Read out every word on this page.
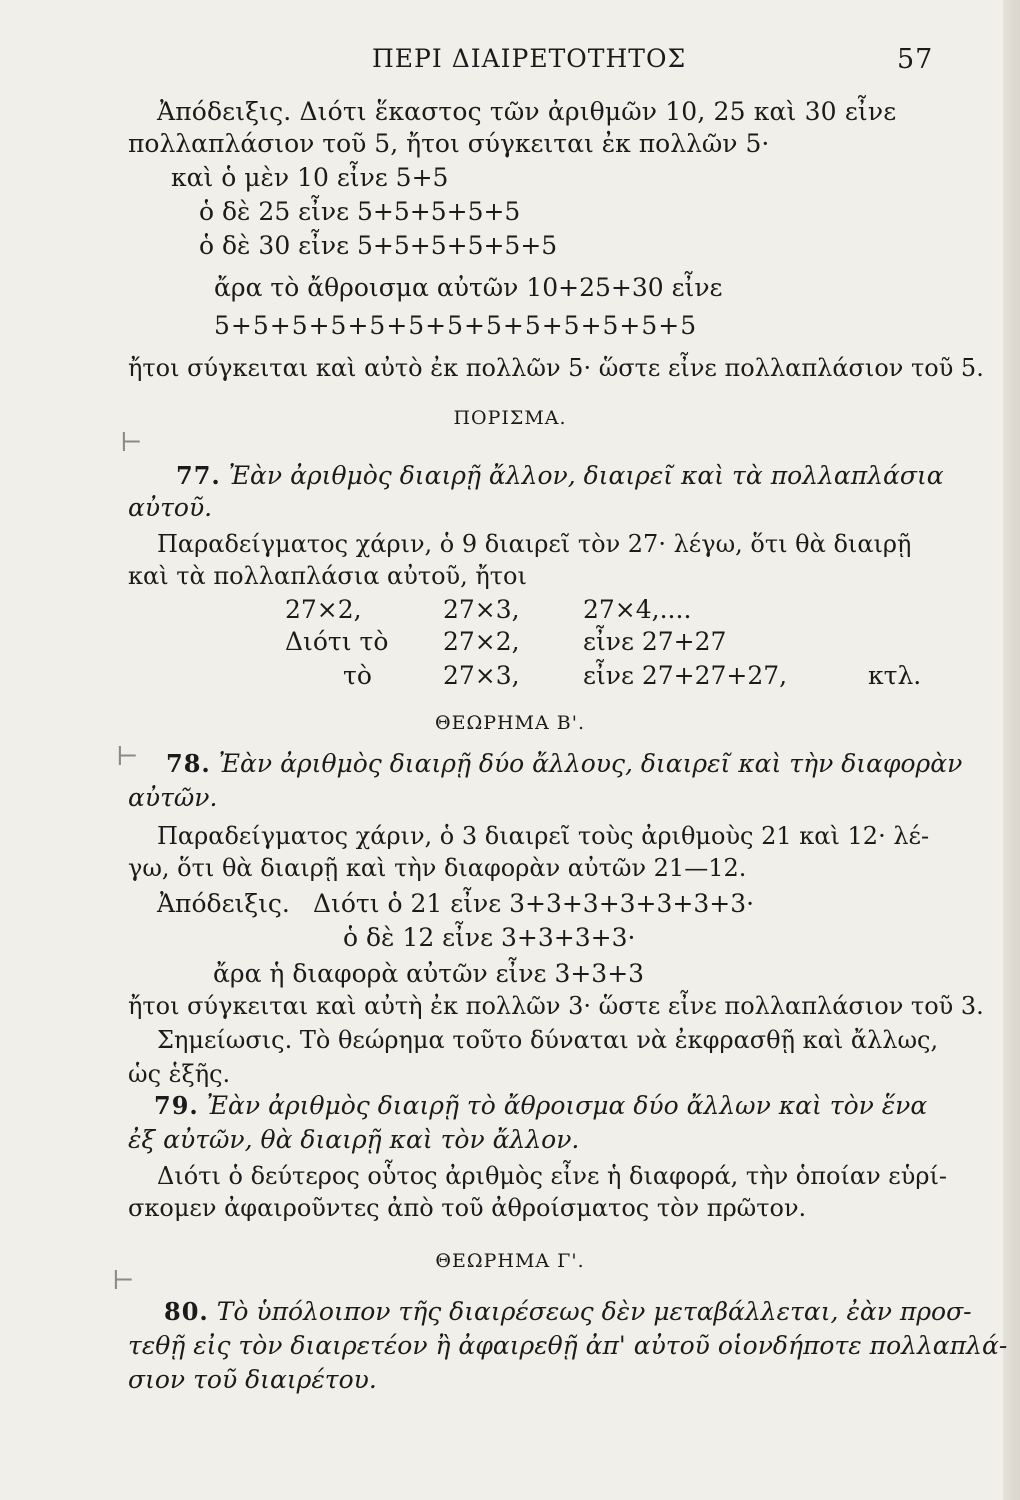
ΠΕΡΙ ΔΙΑΙΡΕΤΟΤΗΤΟΣ	57
Ἀπόδειξις. Διότι ἕκαστος τῶν ἀριθμῶν 10, 25 καὶ 30 εἶνε
πολλαπλάσιον τοῦ 5, ἤτοι σύγκειται ἐκ πολλῶν 5·
καὶ ὁ μὲν 10 εἶνε 5+5
ὁ δὲ 25 εἶνε 5+5+5+5+5
ὁ δὲ 30 εἶνε 5+5+5+5+5+5
ἄρα τὸ ἄθροισμα αὐτῶν 10+25+30 εἶνε
5+5+5+5+5+5+5+5+5+5+5+5+5
ἤτοι σύγκειται καὶ αὐτὸ ἐκ πολλῶν 5· ὥστε εἶνε πολλαπλάσιον τοῦ 5.
ΠΟΡΙΣΜΑ.
⊢
77. Ἐὰν ἀριθμὸς διαιρῇ ἄλλον, διαιρεῖ καὶ τὰ πολλαπλάσια
αὐτοῦ.
Παραδείγματος χάριν, ὁ 9 διαιρεῖ τὸν 27· λέγω, ὅτι θὰ διαιρῇ
καὶ τὰ πολλαπλάσια αὐτοῦ, ἤτοι
27×2,	27×3,	27×4,....
Διότι τὸ 27×2,	εἶνε 27+27
τὸ	27×3,	εἶνε 27+27+27,	κτλ.
ΘΕΩΡΗΜΑ Β'.
⊢ 78. Ἐὰν ἀριθμὸς διαιρῇ δύο ἄλλους, διαιρεῖ καὶ τὴν διαφορὰν
αὐτῶν.
Παραδείγματος χάριν, ὁ 3 διαιρεῖ τοὺς ἀριθμοὺς 21 καὶ 12· λέ-
γω, ὅτι θὰ διαιρῇ καὶ τὴν διαφορὰν αὐτῶν 21—12.
Ἀπόδειξις. Διότι ὁ 21 εἶνε 3+3+3+3+3+3+3·
ὁ δὲ 12 εἶνε 3+3+3+3·
ἄρα ἡ διαφορὰ αὐτῶν εἶνε 3+3+3
ἤτοι σύγκειται καὶ αὐτὴ ἐκ πολλῶν 3· ὥστε εἶνε πολλαπλάσιον τοῦ 3.
Σημείωσις. Τὸ θεώρημα τοῦτο δύναται νὰ ἐκφρασθῇ καὶ ἄλλως,
ὡς ἑξῆς.
79. Ἐὰν ἀριθμὸς διαιρῇ τὸ ἄθροισμα δύο ἄλλων καὶ τὸν ἕνα
ἐξ αὐτῶν, θὰ διαιρῇ καὶ τὸν ἄλλον.
Διότι ὁ δεύτερος οὗτος ἀριθμὸς εἶνε ἡ διαφορά, τὴν ὁποίαν εὑρί-
σκομεν ἀφαιροῦντες ἀπὸ τοῦ ἀθροίσματος τὸν πρῶτον.
ΘΕΩΡΗΜΑ Γ'.
⊢
80. Τὸ ὑπόλοιπον τῆς διαιρέσεως δὲν μεταβάλλεται, ἐὰν προσ-
τεθῇ εἰς τὸν διαιρετέον ἢ ἀφαιρεθῇ ἀπ' αὐτοῦ οἱονδήποτε πολλαπλά-
σιον τοῦ διαιρέτου.
